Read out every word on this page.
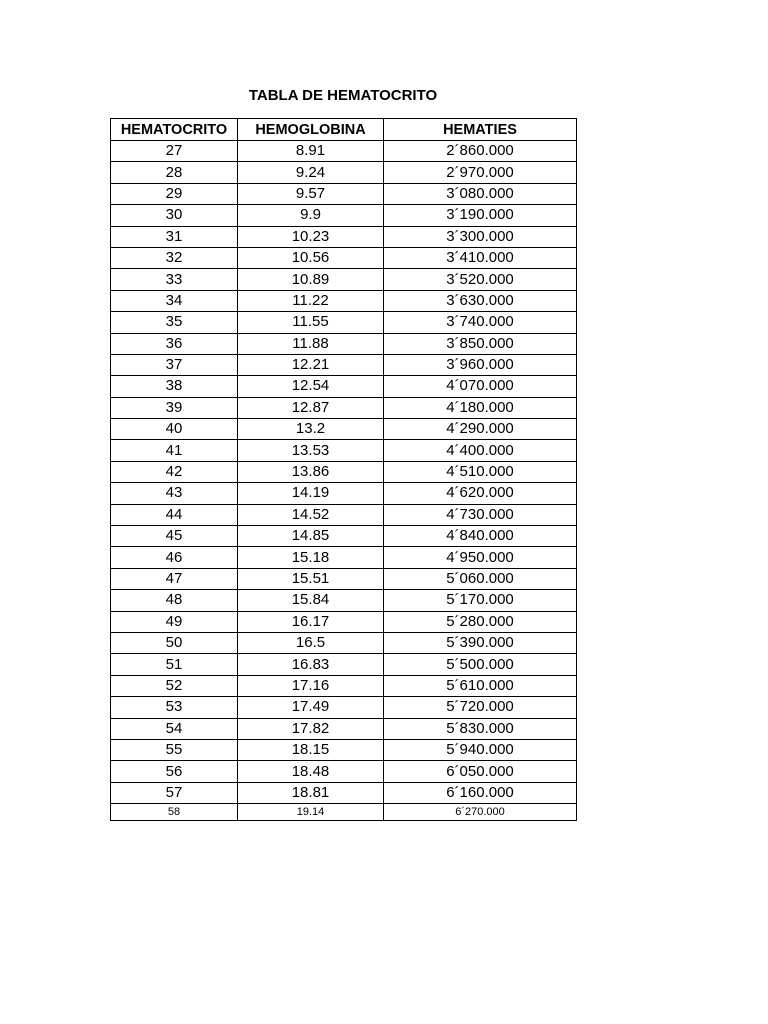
TABLA DE HEMATOCRITO
HEMATOCRITO	HEMOGLOBINA	HEMATIES
27	8.91	2´860.000
28	9.24	2´970.000
29	9.57	3´080.000
30	9.9	3´190.000
31	10.23	3´300.000
32	10.56	3´410.000
33	10.89	3´520.000
34	11.22	3´630.000
35	11.55	3´740.000
36	11.88	3´850.000
37	12.21	3´960.000
38	12.54	4´070.000
39	12.87	4´180.000
40	13.2	4´290.000
41	13.53	4´400.000
42	13.86	4´510.000
43	14.19	4´620.000
44	14.52	4´730.000
45	14.85	4´840.000
46	15.18	4´950.000
47	15.51	5´060.000
48	15.84	5´170.000
49	16.17	5´280.000
50	16.5	5´390.000
51	16.83	5´500.000
52	17.16	5´610.000
53	17.49	5´720.000
54	17.82	5´830.000
55	18.15	5´940.000
56	18.48	6´050.000
57	18.81	6´160.000
58	19.14	6´270.000
